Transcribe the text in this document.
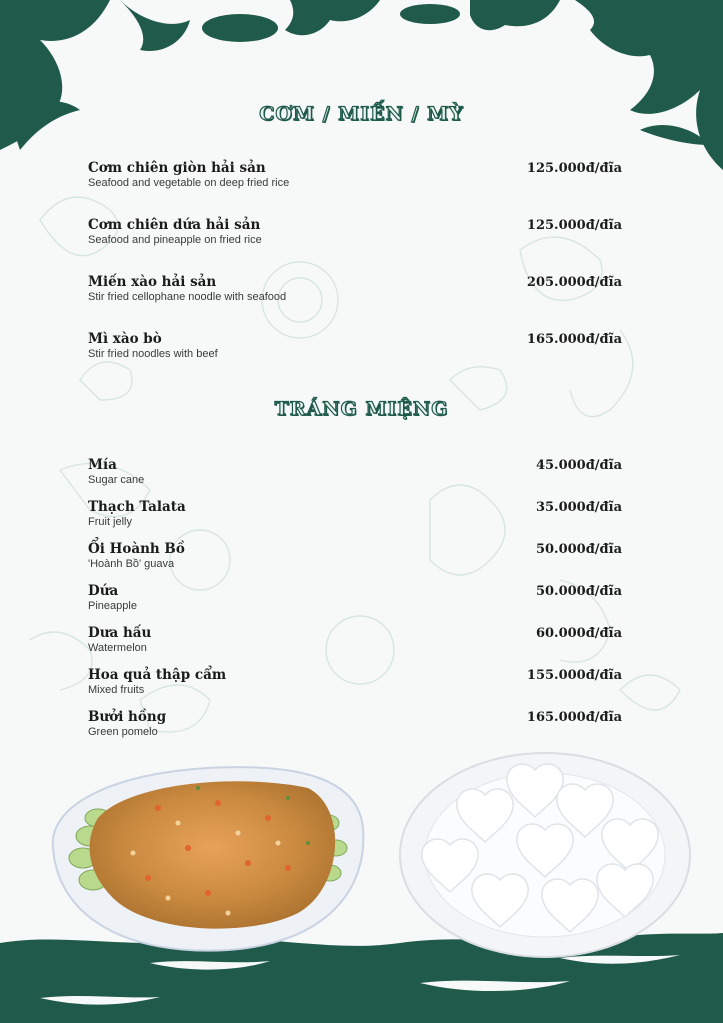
CƠM / MIẾN / MỲ
Cơm chiên giòn hải sản
Seafood and vegetable on deep fried rice
125.000đ/đĩa
Cơm chiên dứa hải sản
Seafood and pineapple on fried rice
125.000đ/đĩa
Miến xào hải sản
Stir fried cellophane noodle with seafood
205.000đ/đĩa
Mì xào bò
Stir fried noodles with beef
165.000đ/đĩa
TRÁNG MIỆNG
Mía
Sugar cane
45.000đ/đĩa
Thạch Talata
Fruit jelly
35.000đ/đĩa
Ổi Hoành Bồ
'Hoành Bồ' guava
50.000đ/đĩa
Dứa
Pineapple
50.000đ/đĩa
Dưa hấu
Watermelon
60.000đ/đĩa
Hoa quả thập cẩm
Mixed fruits
155.000đ/đĩa
Bưởi hồng
Green pomelo
165.000đ/đĩa
